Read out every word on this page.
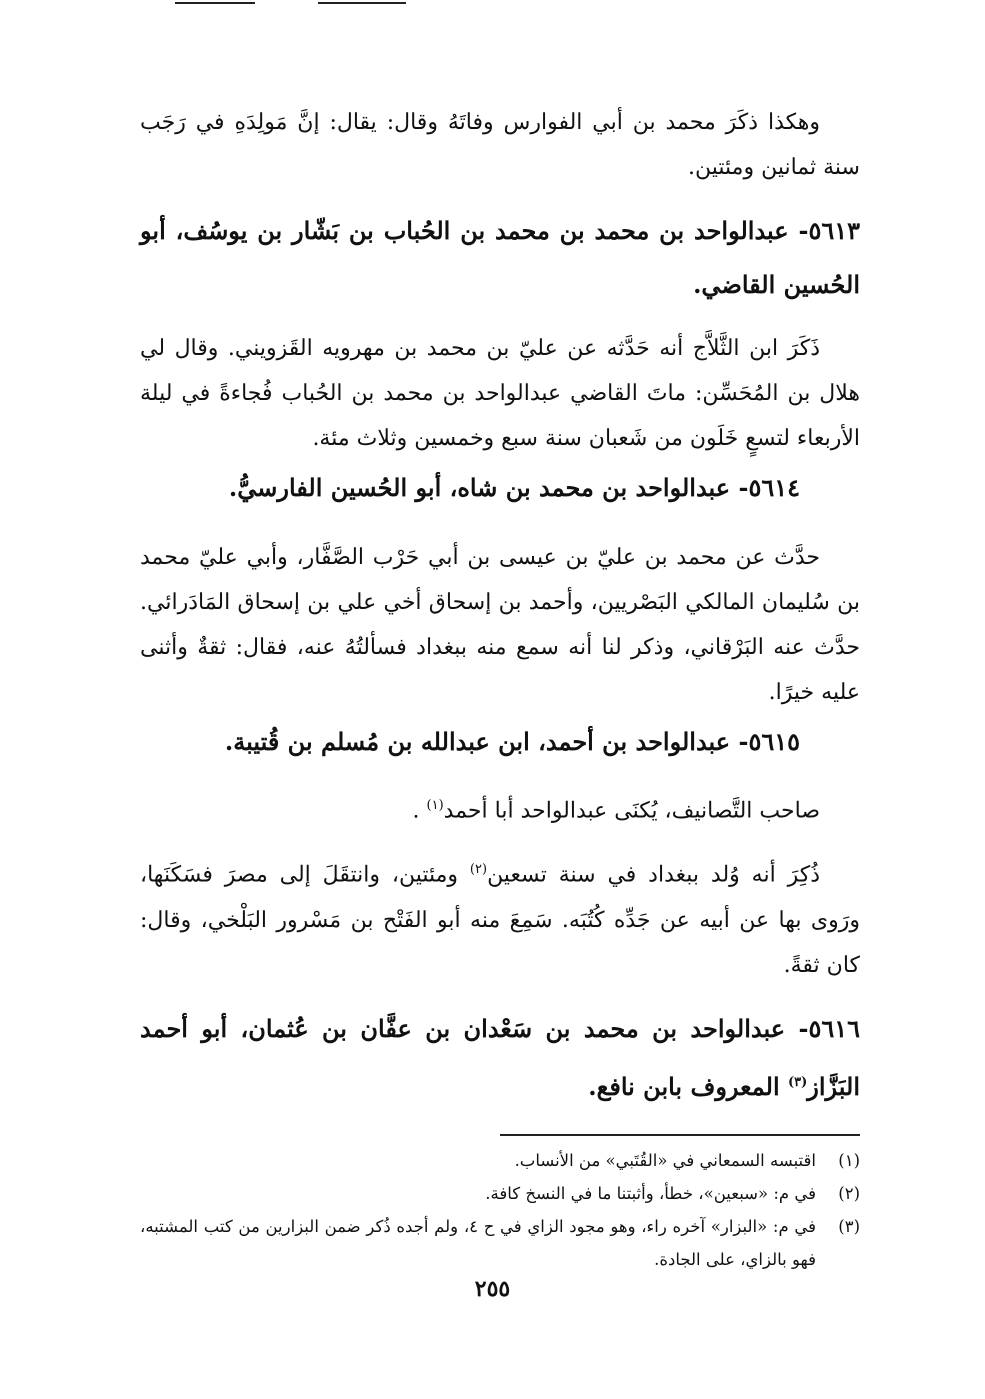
وهكذا ذكَرَ محمد بن أبي الفوارس وفاتَهُ وقال: يقال: إنَّ مَولِدَهِ في رَجَب سنة ثمانين ومئتين.

٥٦١٣- عبدالواحد بن محمد بن محمد بن الحُباب بن بَشّار بن يوسُف، أبو الحُسين القاضي.

ذَكَرَ ابن الثَّلاَّج أنه حَدَّثه عن عليّ بن محمد بن مهرويه القَزويني. وقال لي هلال بن المُحَسِّن: ماتَ القاضي عبدالواحد بن محمد بن الحُباب فُجاءةً في ليلة الأربعاء لتسعٍ خَلَون من شَعبان سنة سبع وخمسين وثلاث مئة.

٥٦١٤- عبدالواحد بن محمد بن شاه، أبو الحُسين الفارسيُّ.

حدَّث عن محمد بن عليّ بن عيسى بن أبي حَرْب الصَّفَّار، وأبي عليّ محمد بن سُليمان المالكي البَصْريين، وأحمد بن إسحاق أخي علي بن إسحاق المَادَرائي. حدَّث عنه البَرْقاني، وذكر لنا أنه سمع منه ببغداد فسألتُهُ عنه، فقال: ثقةٌ وأثنى عليه خيرًا.

٥٦١٥- عبدالواحد بن أحمد، ابن عبدالله بن مُسلم بن قُتيبة.

صاحب التَّصانيف، يُكنَى عبدالواحد أبا أحمد$^{(١)}$ .

ذُكِرَ أنه وُلد ببغداد في سنة تسعين$^{(٢)}$ ومئتين، وانتقَلَ إلى مصرَ فسَكَنَها، ورَوى بها عن أبيه عن جَدِّه كُتُبَه. سَمِعَ منه أبو الفَتْح بن مَسْرور البَلْخي، وقال: كان ثقةً.

٥٦١٦- عبدالواحد بن محمد بن سَعْدان بن عفَّان بن عُثمان، أبو أحمد البَزَّاز$^{(٣)}$ المعروف بابن نافع.

(١)
اقتبسه السمعاني في «القُتَبي» من الأنساب.
(٢)
في م: «سبعين»، خطأ، وأثبتنا ما في النسخ كافة.
(٣)
في م: «البزار» آخره راء، وهو مجود الزاي في ح ٤، ولم أجده ذُكر ضمن البزارين من كتب المشتبه، فهو بالزاي، على الجادة.
٢٥٥
